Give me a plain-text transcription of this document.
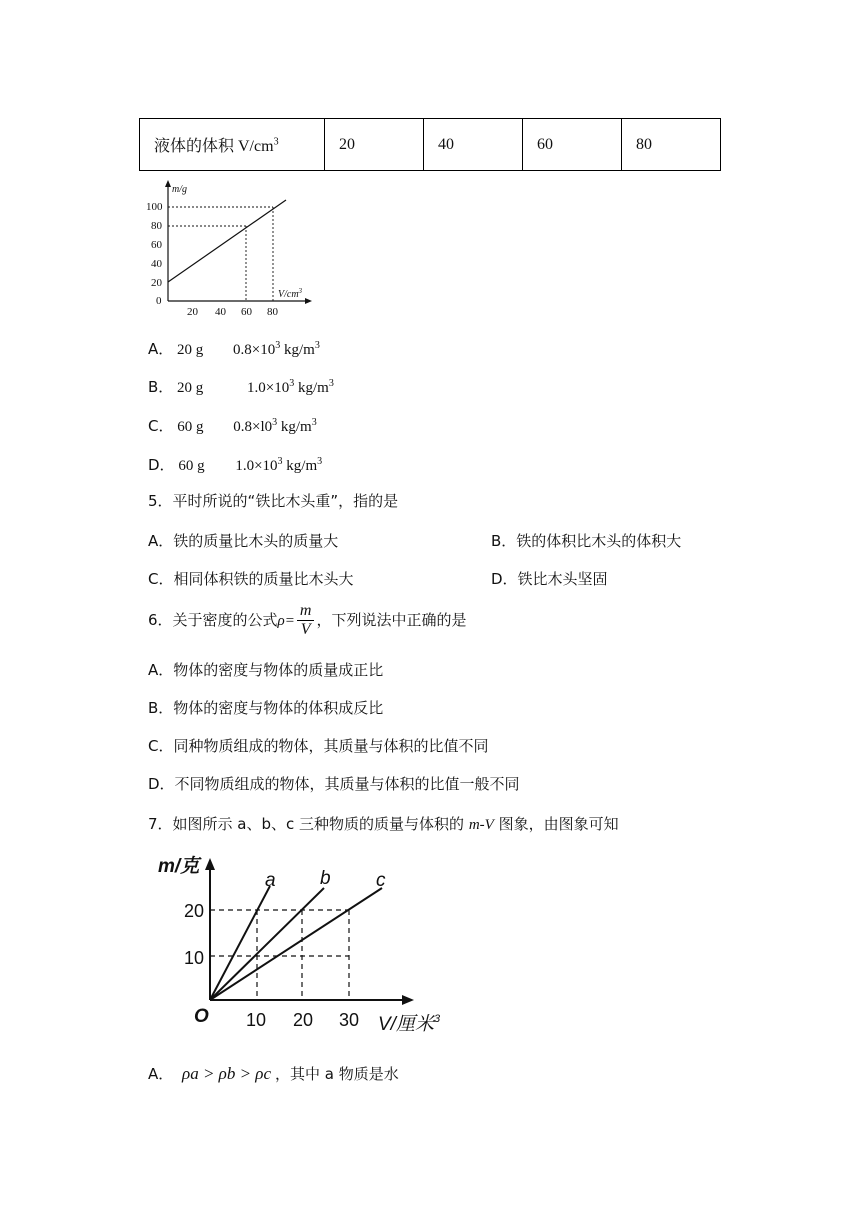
液体的体积 $V/cm^3$	20	40	60	80
m/g
$V/cm^3$
100
80
60
40
20
0
20 40 60 80
A． 20 g $0.8\times 10^3$ $kg/m^3$
B． 20 g	$1.0\times 10^3$ $kg/m^3$
C． 60 g $0.8\times l0^3$ $kg/m^3$
D． 60 g $1.0\times 10^3$ $kg/m^3$
5．平时所说的“铁比木头重”，指的是
A．铁的质量比木头的质量大	B．铁的体积比木头的体积大
C．相同体积铁的质量比木头大	D．铁比木头坚固
6．关于密度的公式$\rho= \frac{m}{V}$ ，下列说法中正确的是
A．物体的密度与物体的质量成正比
B．物体的密度与物体的体积成反比
C．同种物质组成的物体，其质量与体积的比值不同
D．不同物质组成的物体，其质量与体积的比值一般不同
7．如图所示 a、b、c 三种物质的质量与体积的 m-V 图象，由图象可知
m/克
V/厘米$^3$
O
20
10
10 20 30
a b c
A． ρa > ρb > ρc ，其中 a 物质是水
